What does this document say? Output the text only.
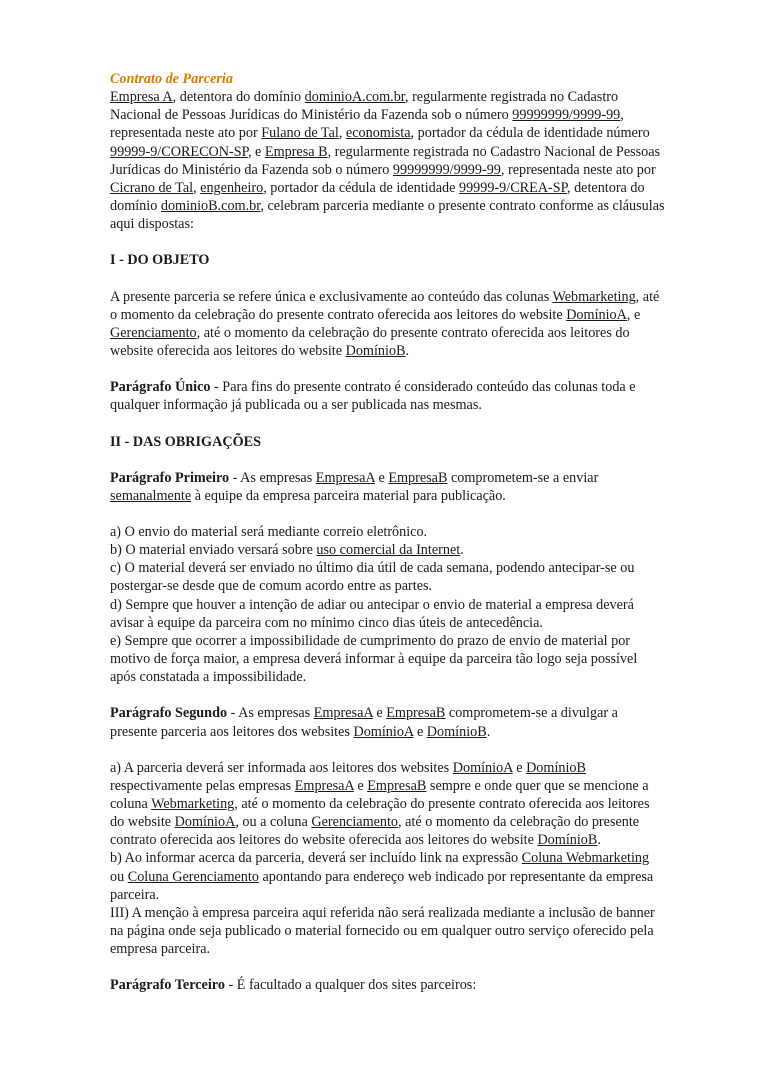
Contrato de Parceria

Empresa A, detentora do domínio dominioA.com.br, regularmente registrada no Cadastro Nacional de Pessoas Jurídicas do Ministério da Fazenda sob o número 99999999/9999-99, representada neste ato por Fulano de Tal, economista, portador da cédula de identidade número 99999-9/CORECON-SP, e Empresa B, regularmente registrada no Cadastro Nacional de Pessoas Jurídicas do Ministério da Fazenda sob o número 99999999/9999-99, representada neste ato por Cicrano de Tal, engenheiro, portador da cédula de identidade 99999-9/CREA-SP, detentora do domínio dominioB.com.br, celebram parceria mediante o presente contrato conforme as cláusulas aqui dispostas:

I - DO OBJETO

A presente parceria se refere única e exclusivamente ao conteúdo das colunas Webmarketing, até o momento da celebração do presente contrato oferecida aos leitores do website DomínioA, e Gerenciamento, até o momento da celebração do presente contrato oferecida aos leitores do website oferecida aos leitores do website DomínioB.

Parágrafo Único - Para fins do presente contrato é considerado conteúdo das colunas toda e qualquer informação já publicada ou a ser publicada nas mesmas.

II - DAS OBRIGAÇÕES

Parágrafo Primeiro - As empresas EmpresaA e EmpresaB comprometem-se a enviar semanalmente à equipe da empresa parceira material para publicação.

a) O envio do material será mediante correio eletrônico.

b) O material enviado versará sobre uso comercial da Internet.

c) O material deverá ser enviado no último dia útil de cada semana, podendo antecipar-se ou postergar-se desde que de comum acordo entre as partes.

d) Sempre que houver a intenção de adiar ou antecipar o envio de material a empresa deverá avisar à equipe da parceira com no mínimo cinco dias úteis de antecedência.

e) Sempre que ocorrer a impossibilidade de cumprimento do prazo de envio de material por motivo de força maior, a empresa deverá informar à equipe da parceira tão logo seja possível após constatada a impossibilidade.

Parágrafo Segundo - As empresas EmpresaA e EmpresaB comprometem-se a divulgar a presente parceria aos leitores dos websites DomínioA e DomínioB.

a) A parceria deverá ser informada aos leitores dos websites DomínioA e DomínioB respectivamente pelas empresas EmpresaA e EmpresaB sempre e onde quer que se mencione a coluna Webmarketing, até o momento da celebração do presente contrato oferecida aos leitores do website DomínioA, ou a coluna Gerenciamento, até o momento da celebração do presente contrato oferecida aos leitores do website oferecida aos leitores do website DomínioB.

b) Ao informar acerca da parceria, deverá ser incluído link na expressão Coluna Webmarketing ou Coluna Gerenciamento apontando para endereço web indicado por representante da empresa parceira.

III) A menção à empresa parceira aqui referida não será realizada mediante a inclusão de banner na página onde seja publicado o material fornecido ou em qualquer outro serviço oferecido pela empresa parceira.

Parágrafo Terceiro - É facultado a qualquer dos sites parceiros:
